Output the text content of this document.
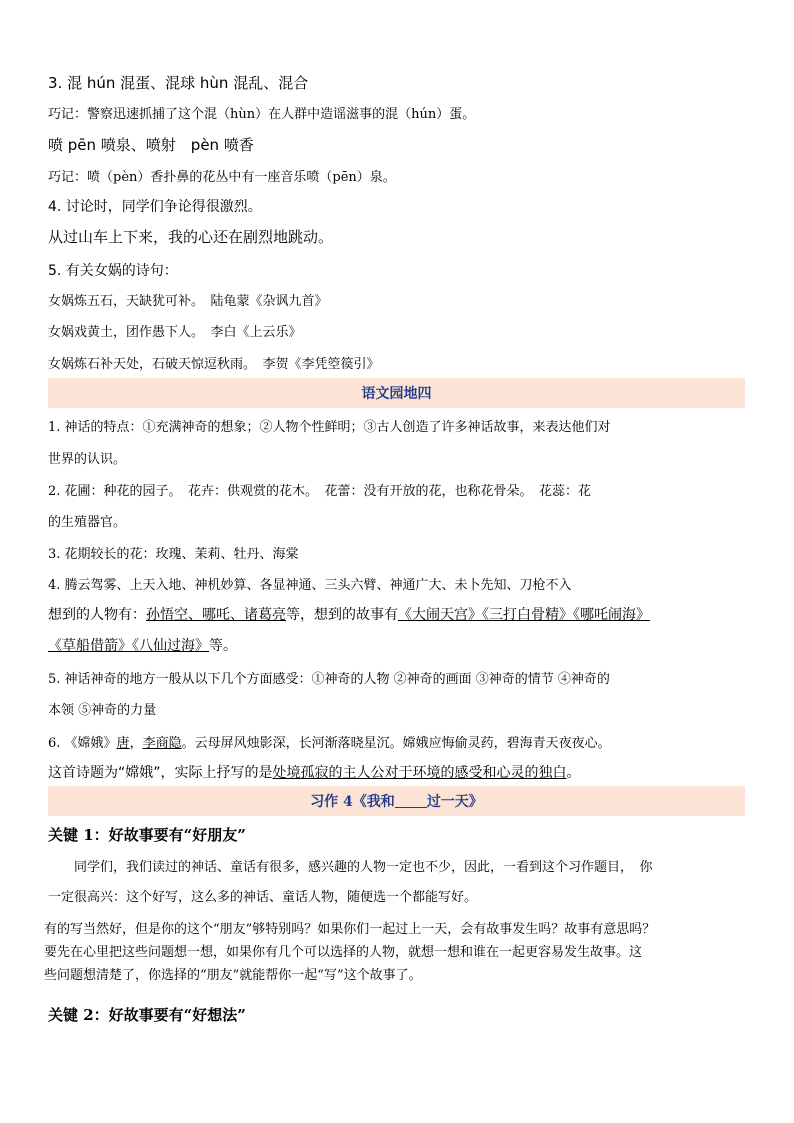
3. 混 hún 混蛋、混球 hùn 混乱、混合
巧记：警察迅速抓捕了这个混（hùn）在人群中造谣滋事的混（hún）蛋。
喷 pēn 喷泉、喷射　pèn 喷香
巧记：喷（pèn）香扑鼻的花丛中有一座音乐喷（pēn）泉。
4. 讨论时，同学们争论得很激烈。
从过山车上下来，我的心还在剧烈地跳动。
5. 有关女娲的诗句：
女娲炼五石，天缺犹可补。　陆龟蒙《杂讽九首》
女娲戏黄土，团作愚下人。　李白《上云乐》
女娲炼石补天处，石破天惊逗秋雨。　李贺《李凭箜篌引》
语文园地四
1. 神话的特点：①充满神奇的想象；②人物个性鲜明；③古人创造了许多神话故事，来表达他们对
世界的认识。
2. 花圃：种花的园子。　花卉：供观赏的花木。　花蕾：没有开放的花，也称花骨朵。　花蕊：花
的生殖器官。
3. 花期较长的花：玫瑰、茉莉、牡丹、海棠
4. 腾云驾雾、上天入地、神机妙算、各显神通、三头六臂、神通广大、未卜先知、刀枪不入
想到的人物有：孙悟空、哪吒、诸葛亮等，想到的故事有《大闹天宫》《三打白骨精》《哪吒闹海》
《草船借箭》《八仙过海》等。
5. 神话神奇的地方一般从以下几个方面感受：①神奇的人物 ②神奇的画面 ③神奇的情节 ④神奇的
本领 ⑤神奇的力量
6. 《嫦娥》唐，李商隐。云母屏风烛影深，长河渐落晓星沉。嫦娥应悔偷灵药，碧海青天夜夜心。
这首诗题为“嫦娥”，实际上抒写的是处境孤寂的主人公对于环境的感受和心灵的独白。
习作 4《我和 过一天》
关键 1：好故事要有“好朋友”
　　同学们，我们读过的神话、童话有很多，感兴趣的人物一定也不少，因此，一看到这个习作题目，　你
一定很高兴：这个好写，这么多的神话、童话人物，随便选一个都能写好。
有的写当然好，但是你的这个“朋友”够特别吗？如果你们一起过上一天，会有故事发生吗？故事有意思吗？
要先在心里把这些问题想一想，如果你有几个可以选择的人物，就想一想和谁在一起更容易发生故事。这
些问题想清楚了，你选择的“朋友”就能帮你一起“写”这个故事了。
关键 2：好故事要有“好想法”
